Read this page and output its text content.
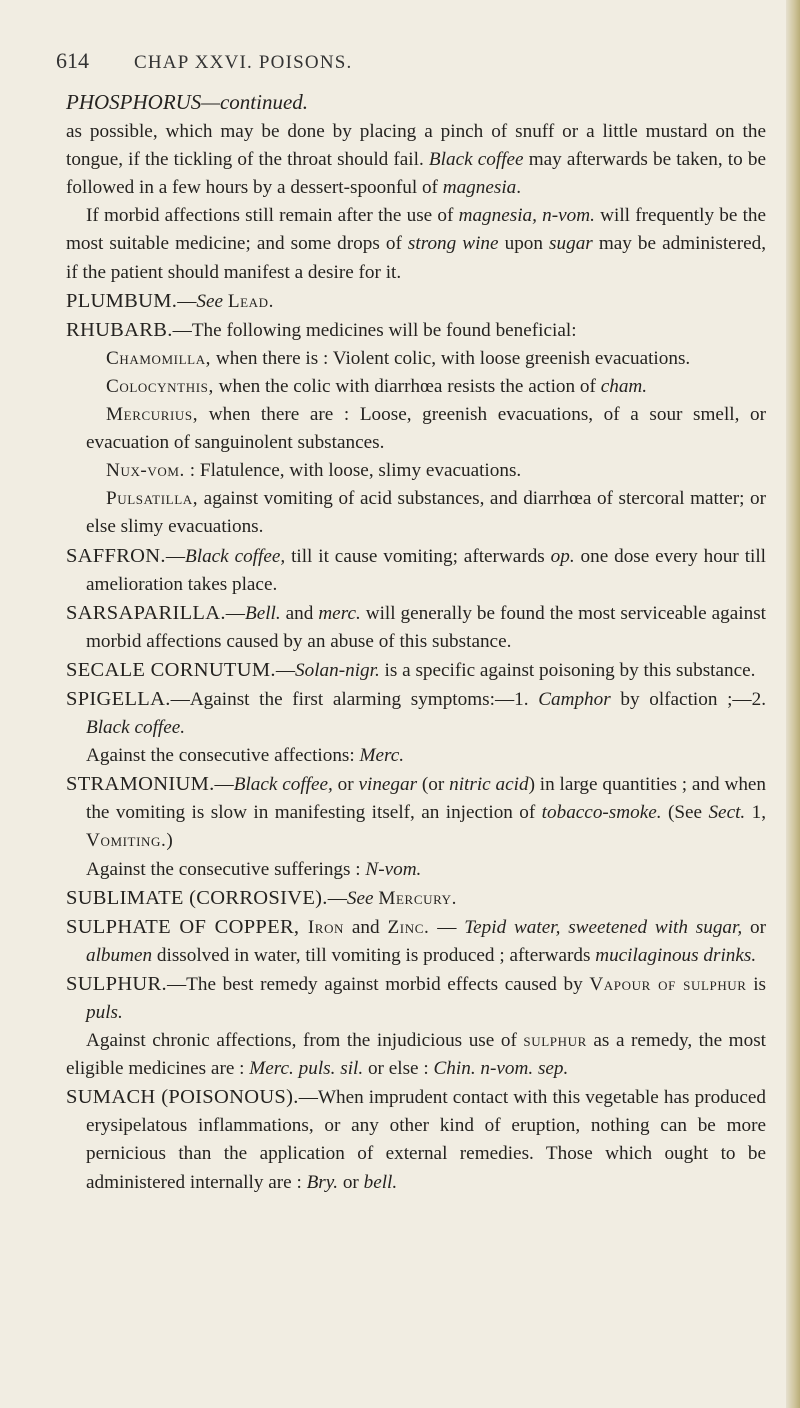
614 CHAP XXVI. POISONS.

PHOSPHORUS—continued.

as possible, which may be done by placing a pinch of snuff or a little mustard on the tongue, if the tickling of the throat should fail. Black coffee may afterwards be taken, to be followed in a few hours by a dessert-spoonful of magnesia.

If morbid affections still remain after the use of magnesia, n-vom. will frequently be the most suitable medicine; and some drops of strong wine upon sugar may be administered, if the patient should manifest a desire for it.

PLUMBUM.—See Lead.

RHUBARB.—The following medicines will be found beneficial:

Chamomilla, when there is : Violent colic, with loose greenish evacuations.

Colocynthis, when the colic with diarrhœa resists the action of cham.

Mercurius, when there are : Loose, greenish evacuations, of a sour smell, or evacuation of sanguinolent substances.

Nux-vom. : Flatulence, with loose, slimy evacuations.

Pulsatilla, against vomiting of acid substances, and diarrhœa of stercoral matter; or else slimy evacuations.

SAFFRON.—Black coffee, till it cause vomiting; afterwards op. one dose every hour till amelioration takes place.

SARSAPARILLA.—Bell. and merc. will generally be found the most serviceable against morbid affections caused by an abuse of this substance.

SECALE CORNUTUM.—Solan-nigr. is a specific against poisoning by this substance.

SPIGELLA.—Against the first alarming symptoms:—1. Camphor by olfaction ;—2. Black coffee.

Against the consecutive affections: Merc.

STRAMONIUM.—Black coffee, or vinegar (or nitric acid) in large quantities ; and when the vomiting is slow in manifesting itself, an injection of tobacco-smoke. (See Sect. 1, Vomiting.)

Against the consecutive sufferings : N-vom.

SUBLIMATE (CORROSIVE).—See Mercury.

SULPHATE OF COPPER, Iron and Zinc. — Tepid water, sweetened with sugar, or albumen dissolved in water, till vomiting is produced ; afterwards mucilaginous drinks.

SULPHUR.—The best remedy against morbid effects caused by Vapour of sulphur is puls.

Against chronic affections, from the injudicious use of sulphur as a remedy, the most eligible medicines are : Merc. puls. sil. or else : Chin. n-vom. sep.

SUMACH (POISONOUS).—When imprudent contact with this vegetable has produced erysipelatous inflammations, or any other kind of eruption, nothing can be more pernicious than the application of external remedies. Those which ought to be administered internally are : Bry. or bell.
